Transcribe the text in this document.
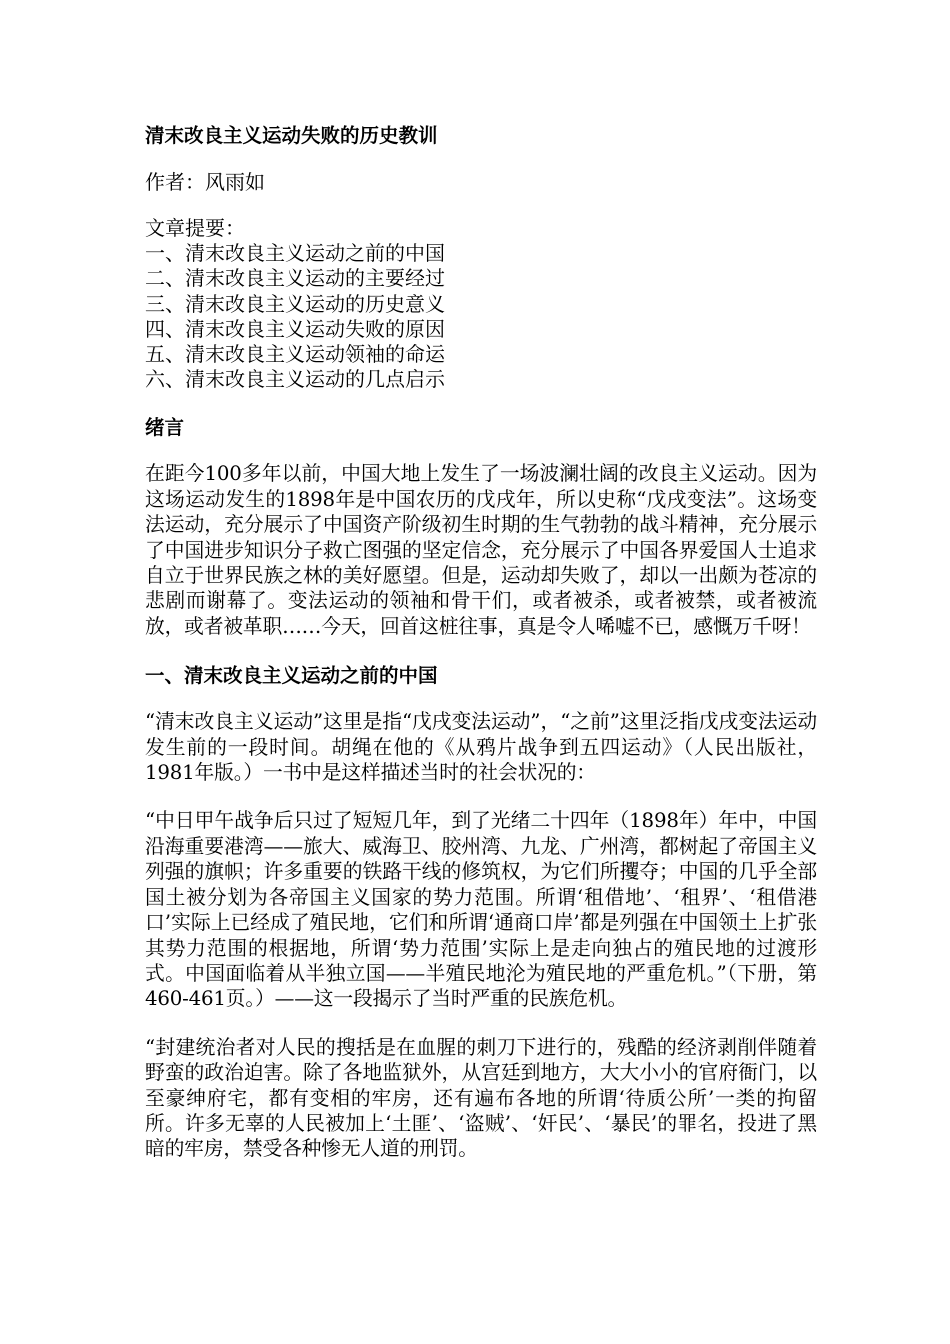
清末改良主义运动失败的历史教训
作者：风雨如
文章提要：
一、清末改良主义运动之前的中国
二、清末改良主义运动的主要经过
三、清末改良主义运动的历史意义
四、清末改良主义运动失败的原因
五、清末改良主义运动领袖的命运
六、清末改良主义运动的几点启示
绪言

在距今100多年以前，中国大地上发生了一场波澜壮阔的改良主义运动。因为这场运动发生的1898年是中国农历的戊戌年，所以史称“戊戌变法”。这场变法运动，充分展示了中国资产阶级初生时期的生气勃勃的战斗精神，充分展示了中国进步知识分子救亡图强的坚定信念，充分展示了中国各界爱国人士追求自立于世界民族之林的美好愿望。但是，运动却失败了，却以一出颇为苍凉的悲剧而谢幕了。变法运动的领袖和骨干们，或者被杀，或者被禁，或者被流放，或者被革职……今天，回首这桩往事，真是令人唏嘘不已，感慨万千呀！

一、清末改良主义运动之前的中国

“清末改良主义运动”这里是指“戊戌变法运动”，“之前”这里泛指戊戌变法运动发生前的一段时间。胡绳在他的《从鸦片战争到五四运动》（人民出版社，1981年版。）一书中是这样描述当时的社会状况的：

“中日甲午战争后只过了短短几年，到了光绪二十四年（1898年）年中，中国沿海重要港湾——旅大、威海卫、胶州湾、九龙、广州湾，都树起了帝国主义列强的旗帜；许多重要的铁路干线的修筑权，为它们所攫夺；中国的几乎全部国土被分划为各帝国主义国家的势力范围。所谓‘租借地’、‘租界’、‘租借港口’实际上已经成了殖民地，它们和所谓‘通商口岸’都是列强在中国领土上扩张其势力范围的根据地，所谓‘势力范围’实际上是走向独占的殖民地的过渡形式。中国面临着从半独立国——半殖民地沦为殖民地的严重危机。”（下册，第460-461页。）——这一段揭示了当时严重的民族危机。

“封建统治者对人民的搜括是在血腥的刺刀下进行的，残酷的经济剥削伴随着野蛮的政治迫害。除了各地监狱外，从宫廷到地方，大大小小的官府衙门，以至豪绅府宅，都有变相的牢房，还有遍布各地的所谓‘待质公所’一类的拘留所。许多无辜的人民被加上‘土匪’、‘盗贼’、‘奸民’、‘暴民’的罪名，投进了黑暗的牢房，禁受各种惨无人道的刑罚。
